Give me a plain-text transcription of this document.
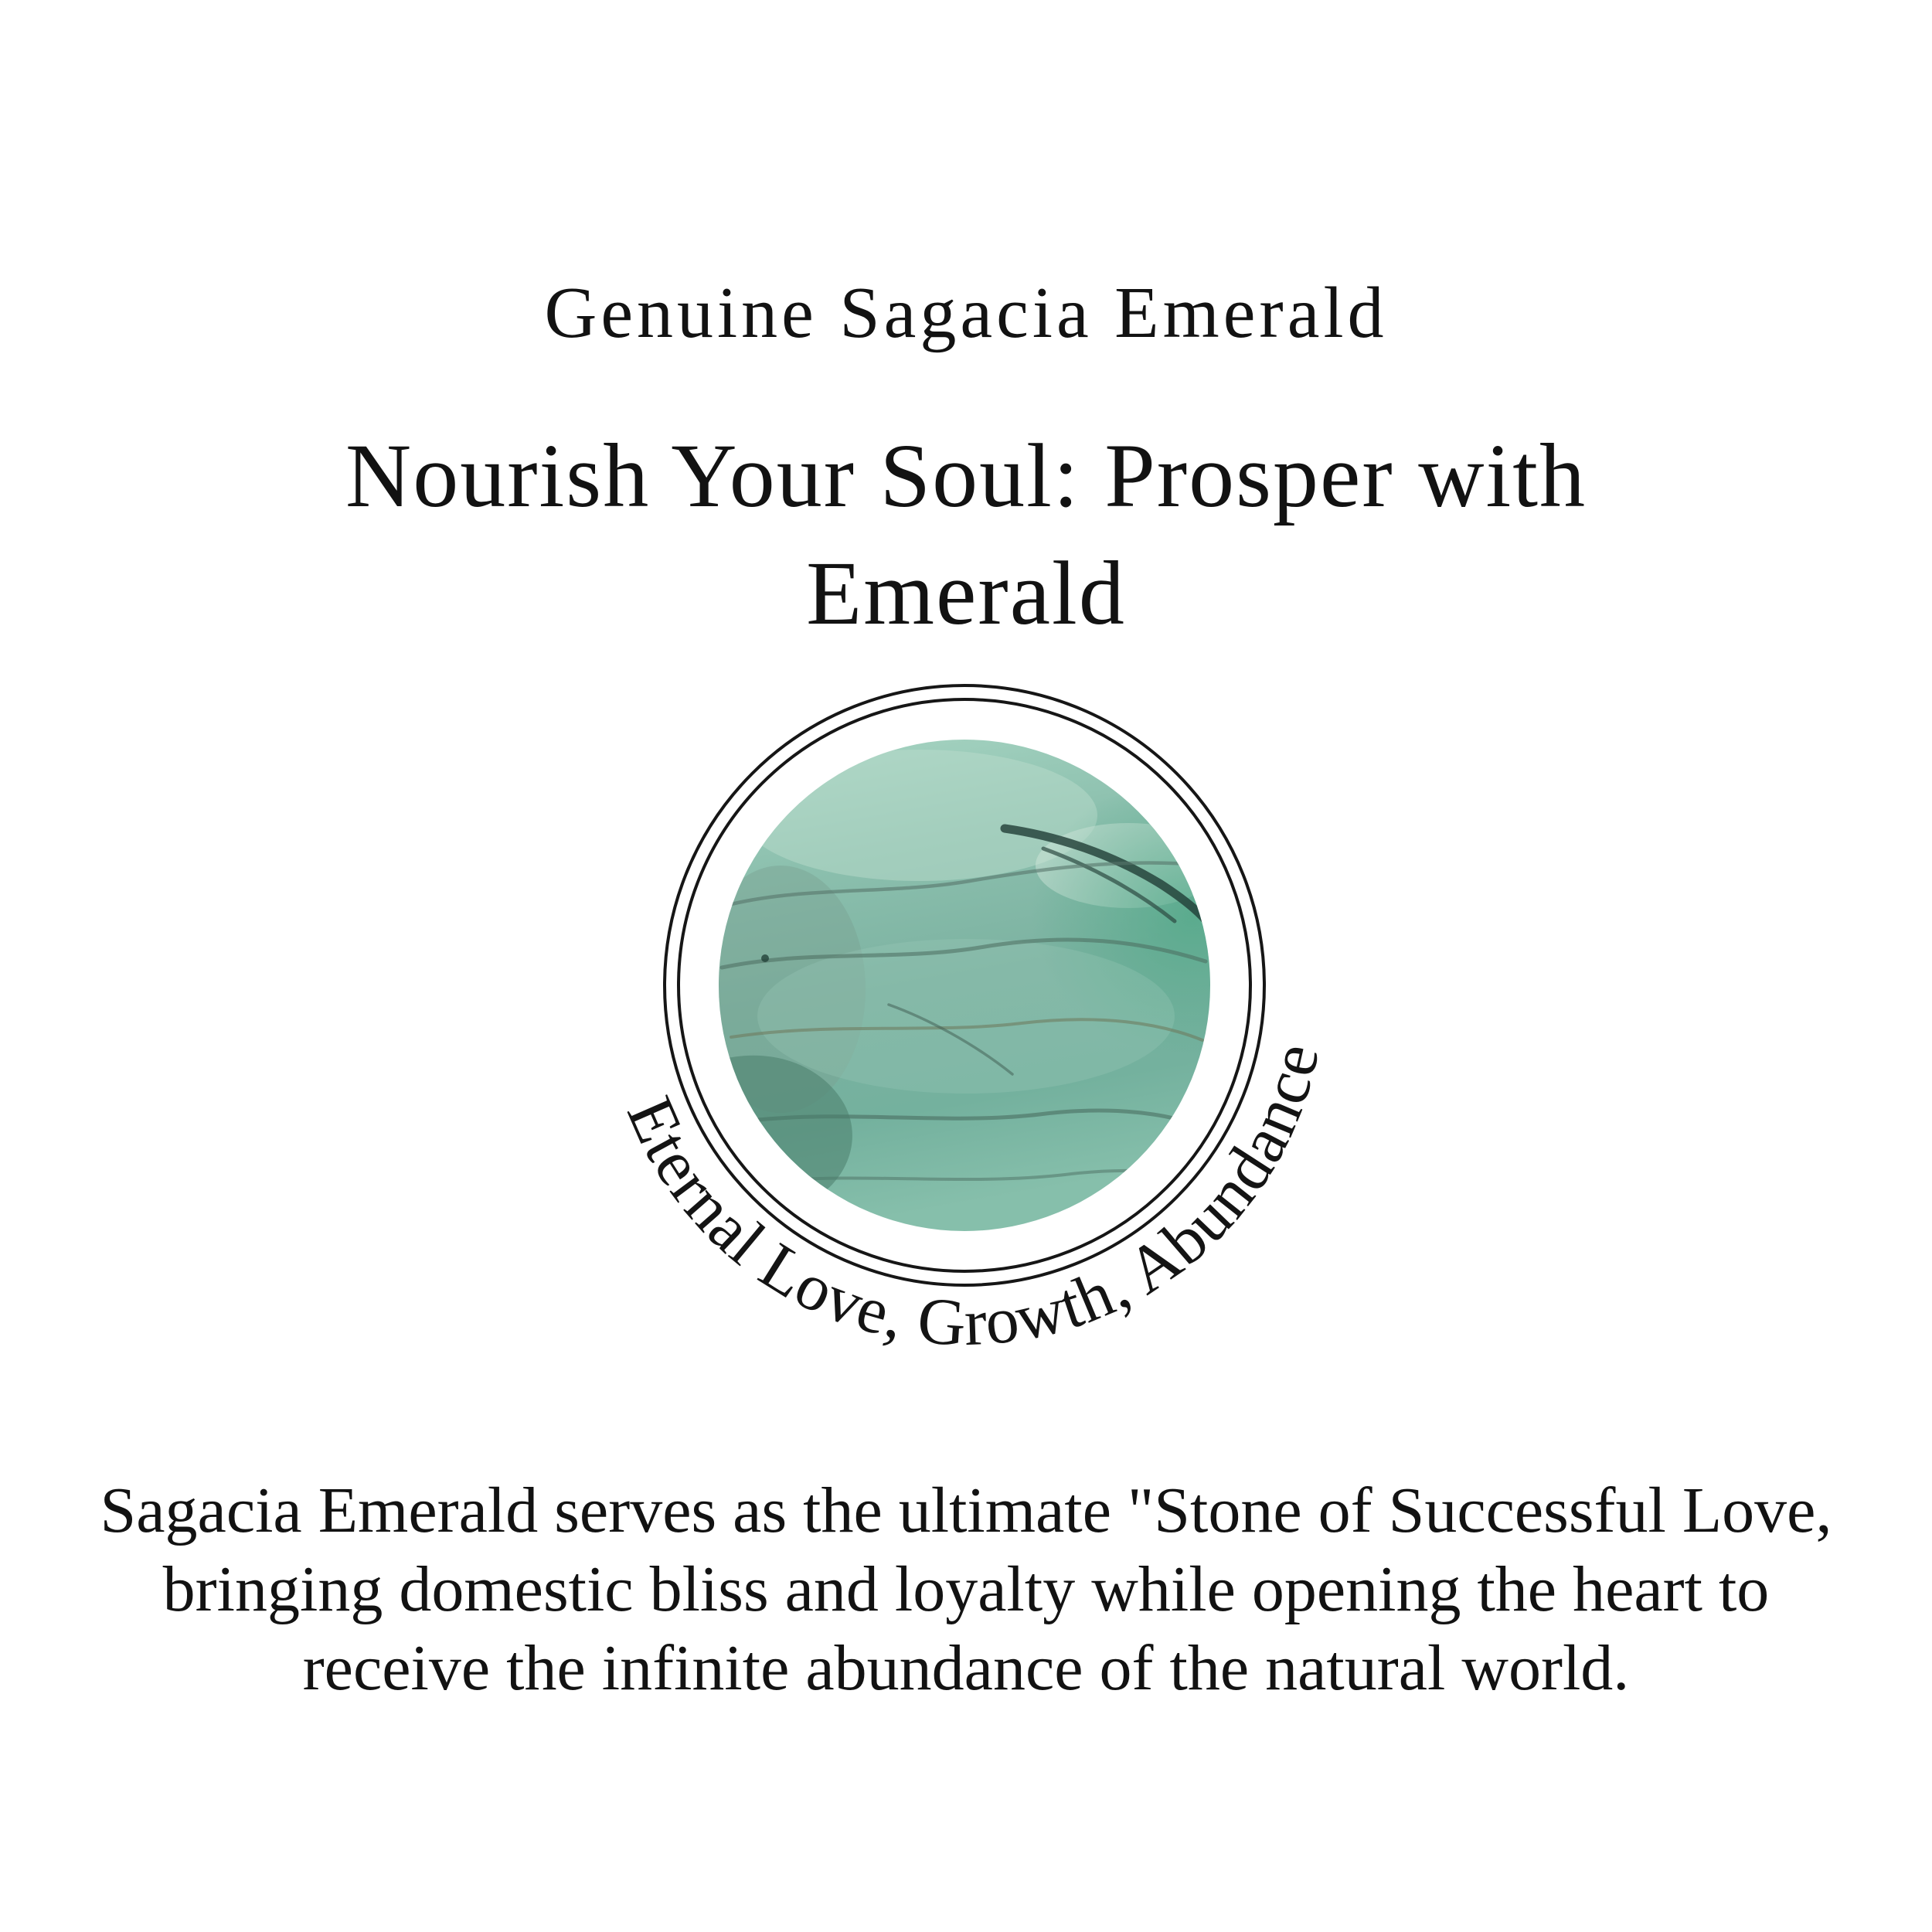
Genuine Sagacia Emerald
Nourish Your Soul: Prosper with
Emerald
Eternal Love, Growth, Abundance
Sagacia Emerald serves as the ultimate "Stone of Successful Love,
bringing domestic bliss and loyalty while opening the heart to
receive the infinite abundance of the natural world.
